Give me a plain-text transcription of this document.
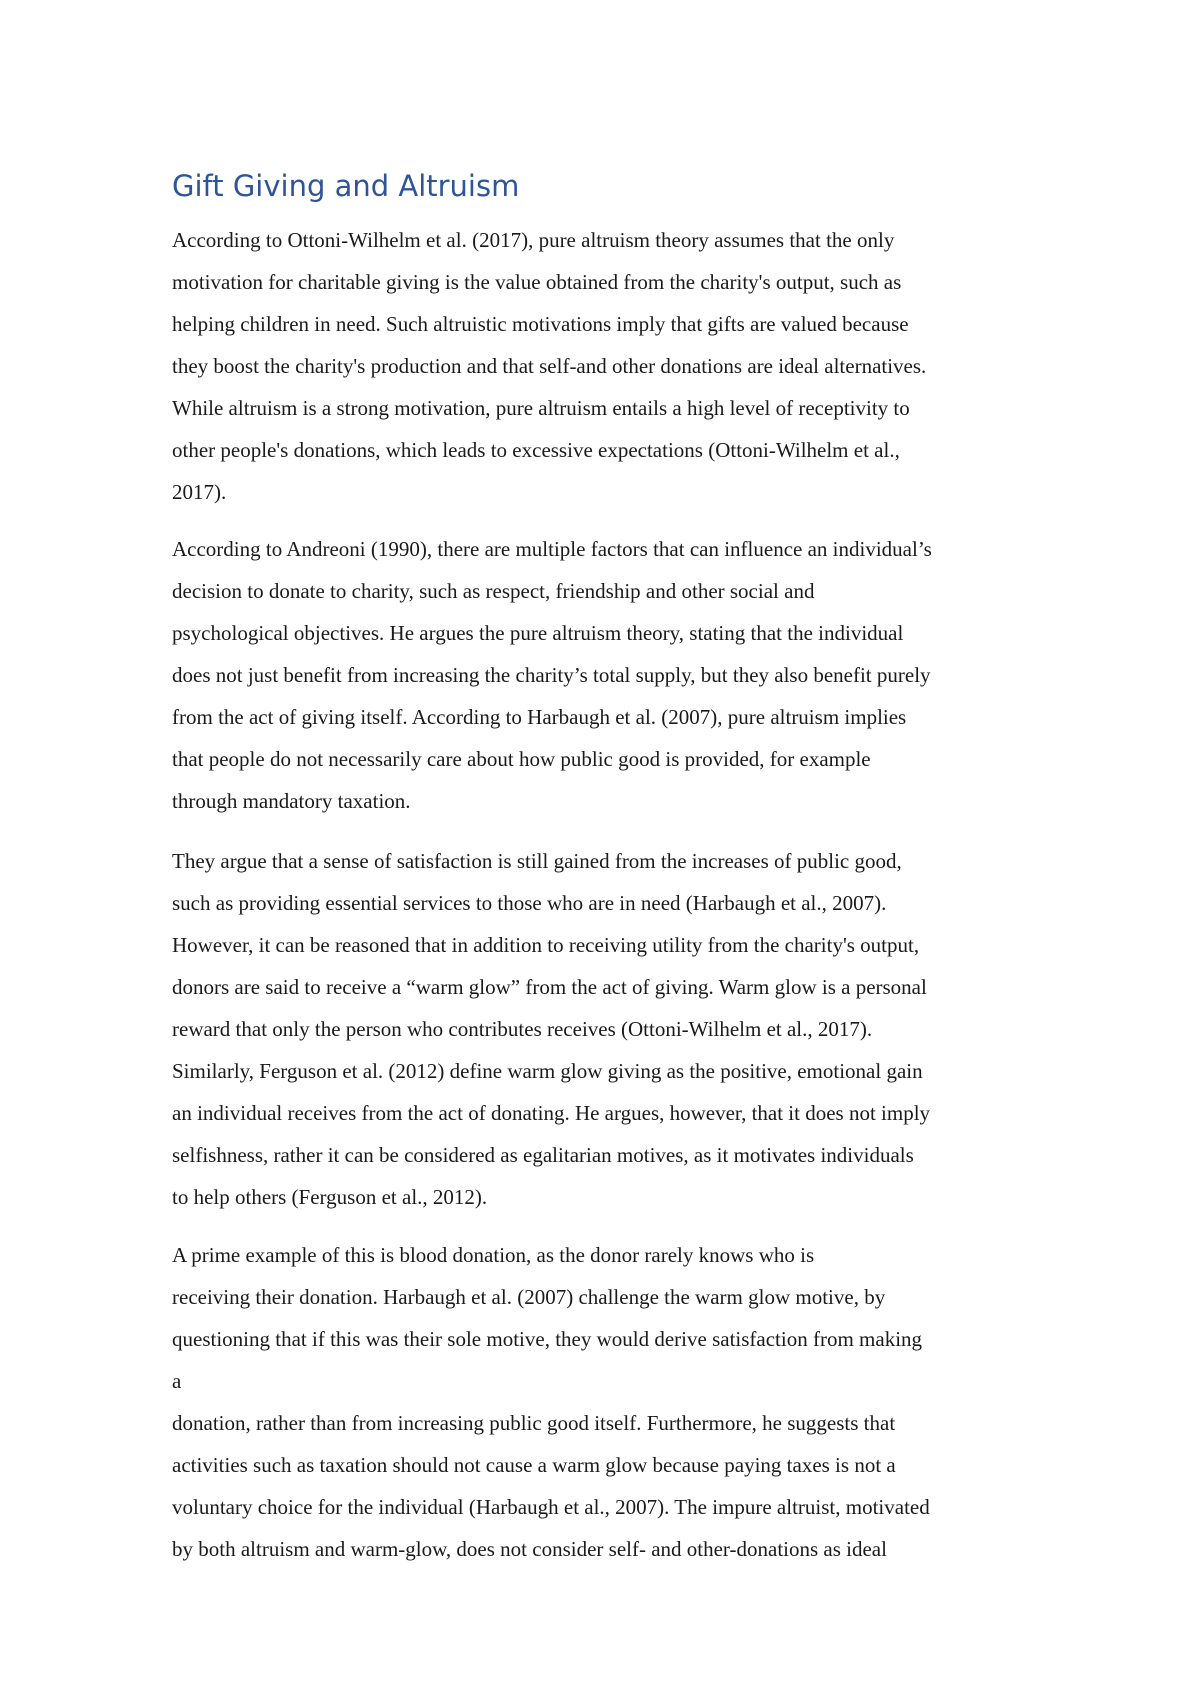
Gift Giving and Altruism

According to Ottoni-Wilhelm et al. (2017), pure altruism theory assumes that the only
motivation for charitable giving is the value obtained from the charity's output, such as
helping children in need. Such altruistic motivations imply that gifts are valued because
they boost the charity's production and that self-and other donations are ideal alternatives.
While altruism is a strong motivation, pure altruism entails a high level of receptivity to
other people's donations, which leads to excessive expectations (Ottoni-Wilhelm et al.,
2017).

According to Andreoni (1990), there are multiple factors that can influence an individual’s
decision to donate to charity, such as respect, friendship and other social and
psychological objectives. He argues the pure altruism theory, stating that the individual
does not just benefit from increasing the charity’s total supply, but they also benefit purely
from the act of giving itself. According to Harbaugh et al. (2007), pure altruism implies
that people do not necessarily care about how public good is provided, for example
through mandatory taxation.

They argue that a sense of satisfaction is still gained from the increases of public good,
such as providing essential services to those who are in need (Harbaugh et al., 2007).
However, it can be reasoned that in addition to receiving utility from the charity's output,
donors are said to receive a “warm glow” from the act of giving. Warm glow is a personal
reward that only the person who contributes receives (Ottoni-Wilhelm et al., 2017).
Similarly, Ferguson et al. (2012) define warm glow giving as the positive, emotional gain
an individual receives from the act of donating. He argues, however, that it does not imply
selfishness, rather it can be considered as egalitarian motives, as it motivates individuals
to help others (Ferguson et al., 2012).

A prime example of this is blood donation, as the donor rarely knows who is
receiving their donation. Harbaugh et al. (2007) challenge the warm glow motive, by
questioning that if this was their sole motive, they would derive satisfaction from making
a
donation, rather than from increasing public good itself. Furthermore, he suggests that
activities such as taxation should not cause a warm glow because paying taxes is not a
voluntary choice for the individual (Harbaugh et al., 2007). The impure altruist, motivated
by both altruism and warm-glow, does not consider self- and other-donations as ideal
